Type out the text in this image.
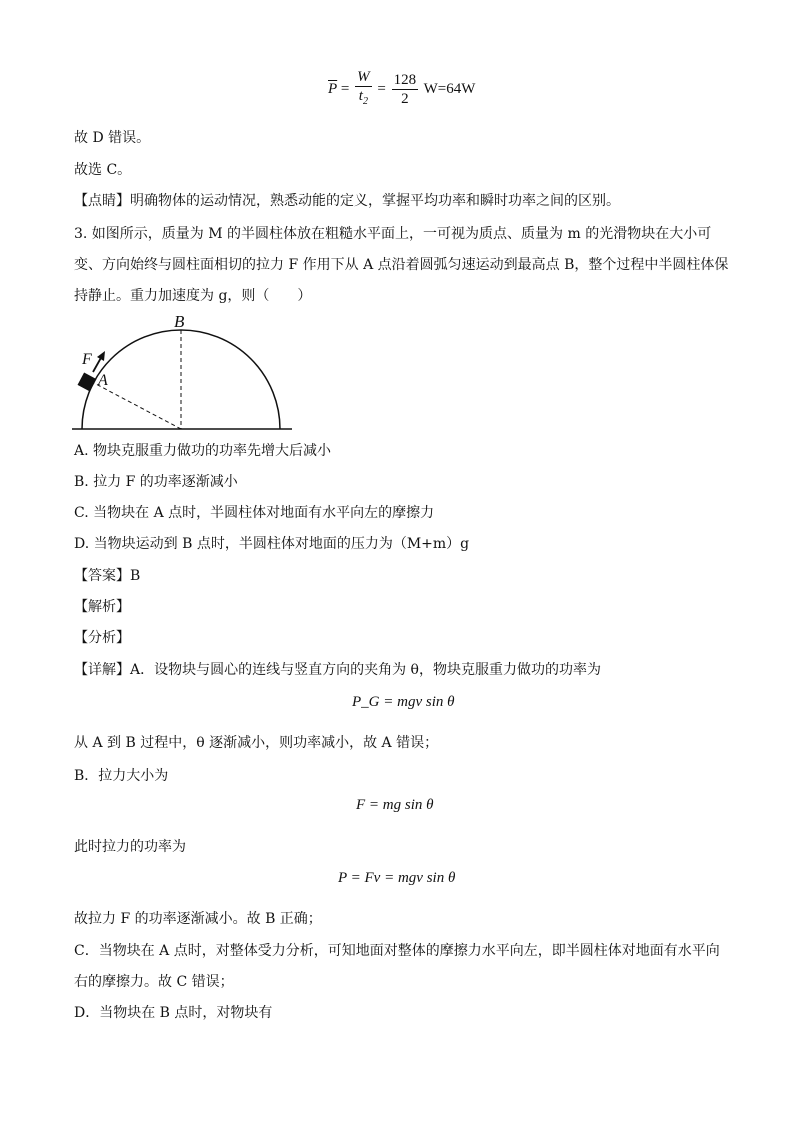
$\overline{P} = \frac{W}{t_2} = \frac{128}{2} W=64W$
故 D 错误。
故选 C。
【点睛】明确物体的运动情况，熟悉动能的定义，掌握平均功率和瞬时功率之间的区别。
3. 如图所示，质量为 M 的半圆柱体放在粗糙水平面上，一可视为质点、质量为 m 的光滑物块在大小可
变、方向始终与圆柱面相切的拉力 F 作用下从 A 点沿着圆弧匀速运动到最高点 B，整个过程中半圆柱体保
持静止。重力加速度为 g，则（　　）
B
A
F
A. 物块克服重力做功的功率先增大后减小
B. 拉力 F 的功率逐渐减小
C. 当物块在 A 点时，半圆柱体对地面有水平向左的摩擦力
D. 当物块运动到 B 点时，半圆柱体对地面的压力为（M+m）g
【答案】B
【解析】
【分析】
【详解】A．设物块与圆心的连线与竖直方向的夹角为 θ，物块克服重力做功的功率为
P_G = mgv sin θ
从 A 到 B 过程中，θ 逐渐减小，则功率减小，故 A 错误；
B．拉力大小为
F = mg sin θ
此时拉力的功率为
P = Fv = mgv sin θ
故拉力 F 的功率逐渐减小。故 B 正确；
C．当物块在 A 点时，对整体受力分析，可知地面对整体的摩擦力水平向左，即半圆柱体对地面有水平向
右的摩擦力。故 C 错误；
D．当物块在 B 点时，对物块有
